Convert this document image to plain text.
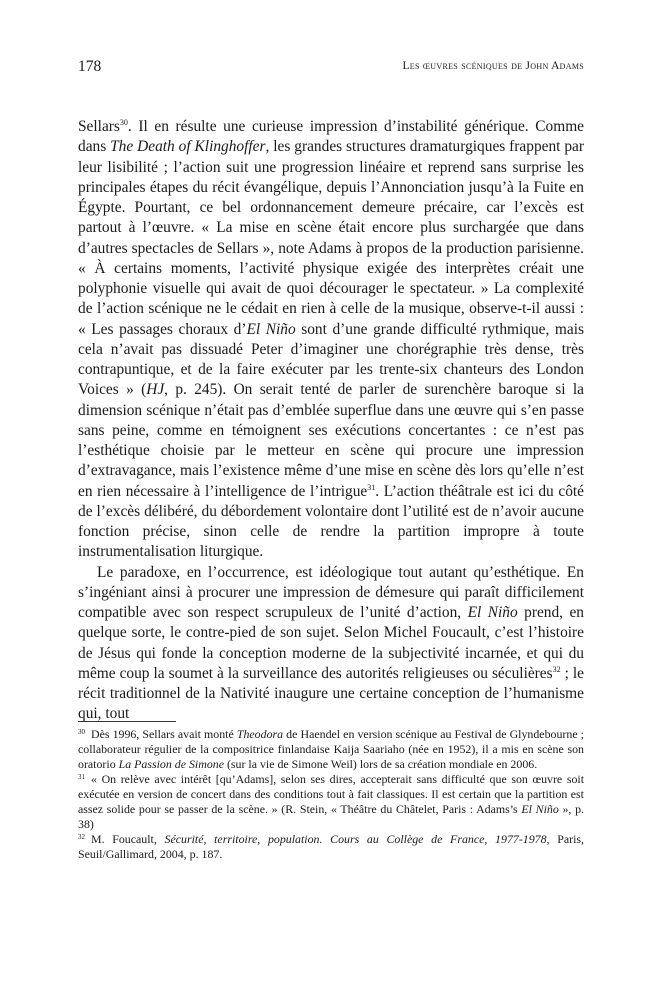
178	Les œuvres scéniques de John Adams

Sellars$^{30}$. Il en résulte une curieuse impression d’instabilité générique. Comme dans The Death of Klinghoffer, les grandes structures dramaturgiques frappent par leur lisibilité ; l’action suit une progression linéaire et reprend sans surprise les principales étapes du récit évangélique, depuis l’Annonciation jusqu’à la Fuite en Égypte. Pourtant, ce bel ordonnancement demeure précaire, car l’excès est partout à l’œuvre. « La mise en scène était encore plus surchargée que dans d’autres spectacles de Sellars », note Adams à propos de la production parisienne. « À certains moments, l’activité physique exigée des interprètes créait une polyphonie visuelle qui avait de quoi décourager le spectateur. » La complexité de l’action scénique ne le cédait en rien à celle de la musique, observe-t-il aussi : « Les passages choraux d’El Niño sont d’une grande difficulté rythmique, mais cela n’avait pas dissuadé Peter d’imaginer une chorégraphie très dense, très contrapuntique, et de la faire exécuter par les trente-six chanteurs des London Voices » (HJ, p. 245). On serait tenté de parler de surenchère baroque si la dimension scénique n’était pas d’emblée superflue dans une œuvre qui s’en passe sans peine, comme en témoignent ses exécutions concertantes : ce n’est pas l’esthétique choisie par le metteur en scène qui procure une impression d’extravagance, mais l’existence même d’une mise en scène dès lors qu’elle n’est en rien nécessaire à l’intelligence de l’intrigue$^{31}$. L’action théâtrale est ici du côté de l’excès délibéré, du débordement volontaire dont l’utilité est de n’avoir aucune fonction précise, sinon celle de rendre la partition impropre à toute instrumentalisation liturgique.

Le paradoxe, en l’occurrence, est idéologique tout autant qu’esthétique. En s’ingéniant ainsi à procurer une impression de démesure qui paraît difficilement compatible avec son respect scrupuleux de l’unité d’action, El Niño prend, en quelque sorte, le contre-pied de son sujet. Selon Michel Foucault, c’est l’histoire de Jésus qui fonde la conception moderne de la subjectivité incarnée, et qui du même coup la soumet à la surveillance des autorités religieuses ou séculières$^{32}$ ; le récit traditionnel de la Nativité inaugure une certaine conception de l’humanisme qui, tout

$^{30}$ Dès 1996, Sellars avait monté Theodora de Haendel en version scénique au Festival de Glyndebourne ; collaborateur régulier de la compositrice finlandaise Kaija Saariaho (née en 1952), il a mis en scène son oratorio La Passion de Simone (sur la vie de Simone Weil) lors de sa création mondiale en 2006.

$^{31}$ « On relève avec intérêt [qu’Adams], selon ses dires, accepterait sans difficulté que son œuvre soit exécutée en version de concert dans des conditions tout à fait classiques. Il est certain que la partition est assez solide pour se passer de la scène. » (R. Stein, « Théâtre du Châtelet, Paris : Adams’s El Niño », p. 38)

$^{32}$ M. Foucault, Sécurité, territoire, population. Cours au Collège de France, 1977-1978, Paris, Seuil/Gallimard, 2004, p. 187.
